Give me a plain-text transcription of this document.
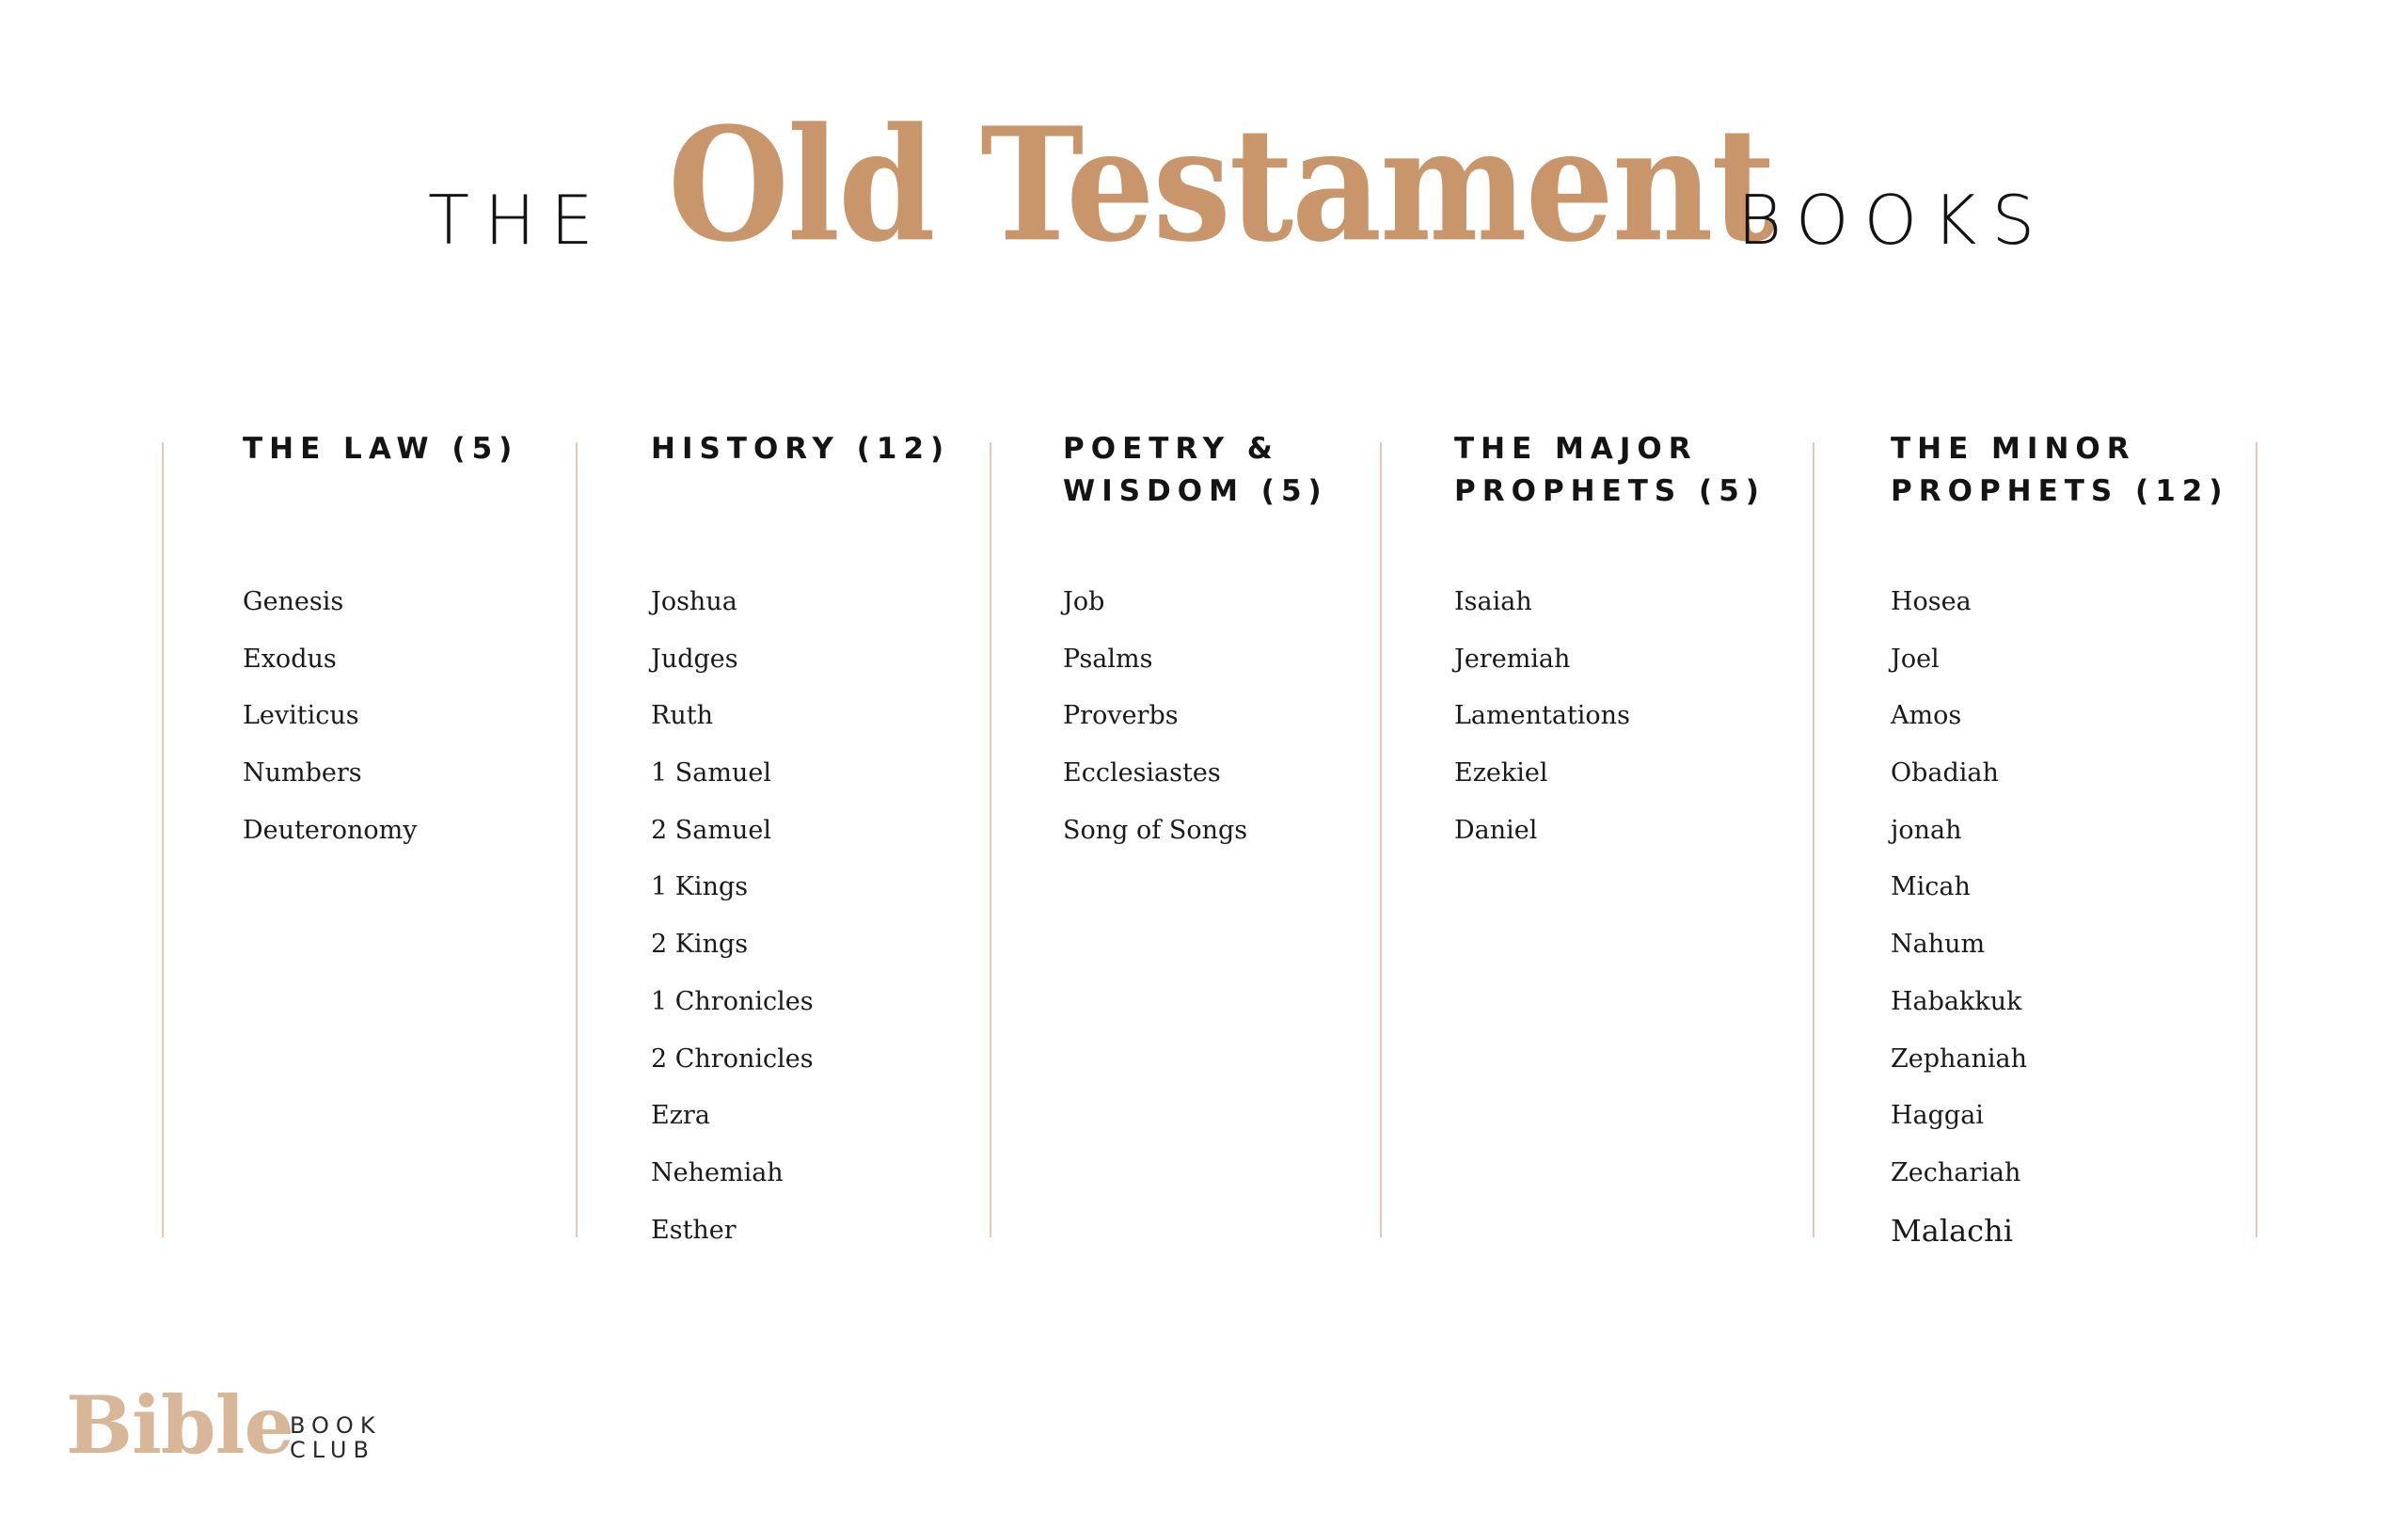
THE Old Testament
BOOKS
THE LAW (5)
Genesis
Exodus
Leviticus
Numbers
Deuteronomy
HISTORY (12)
Joshua
Judges
Ruth
1 Samuel
2 Samuel
1 Kings
2 Kings
1 Chronicles
2 Chronicles
Ezra
Nehemiah
Esther
POETRY &
WISDOM (5)
Job
Psalms
Proverbs
Ecclesiastes
Song of Songs
THE MAJOR
PROPHETS (5)
Isaiah
Jeremiah
Lamentations
Ezekiel
Daniel
THE MINOR
PROPHETS (12)
Hosea
Joel
Amos
Obadiah
jonah
Micah
Nahum
Habakkuk
Zephaniah
Haggai
Zechariah
Malachi
Bible
BOOK
CLUB
